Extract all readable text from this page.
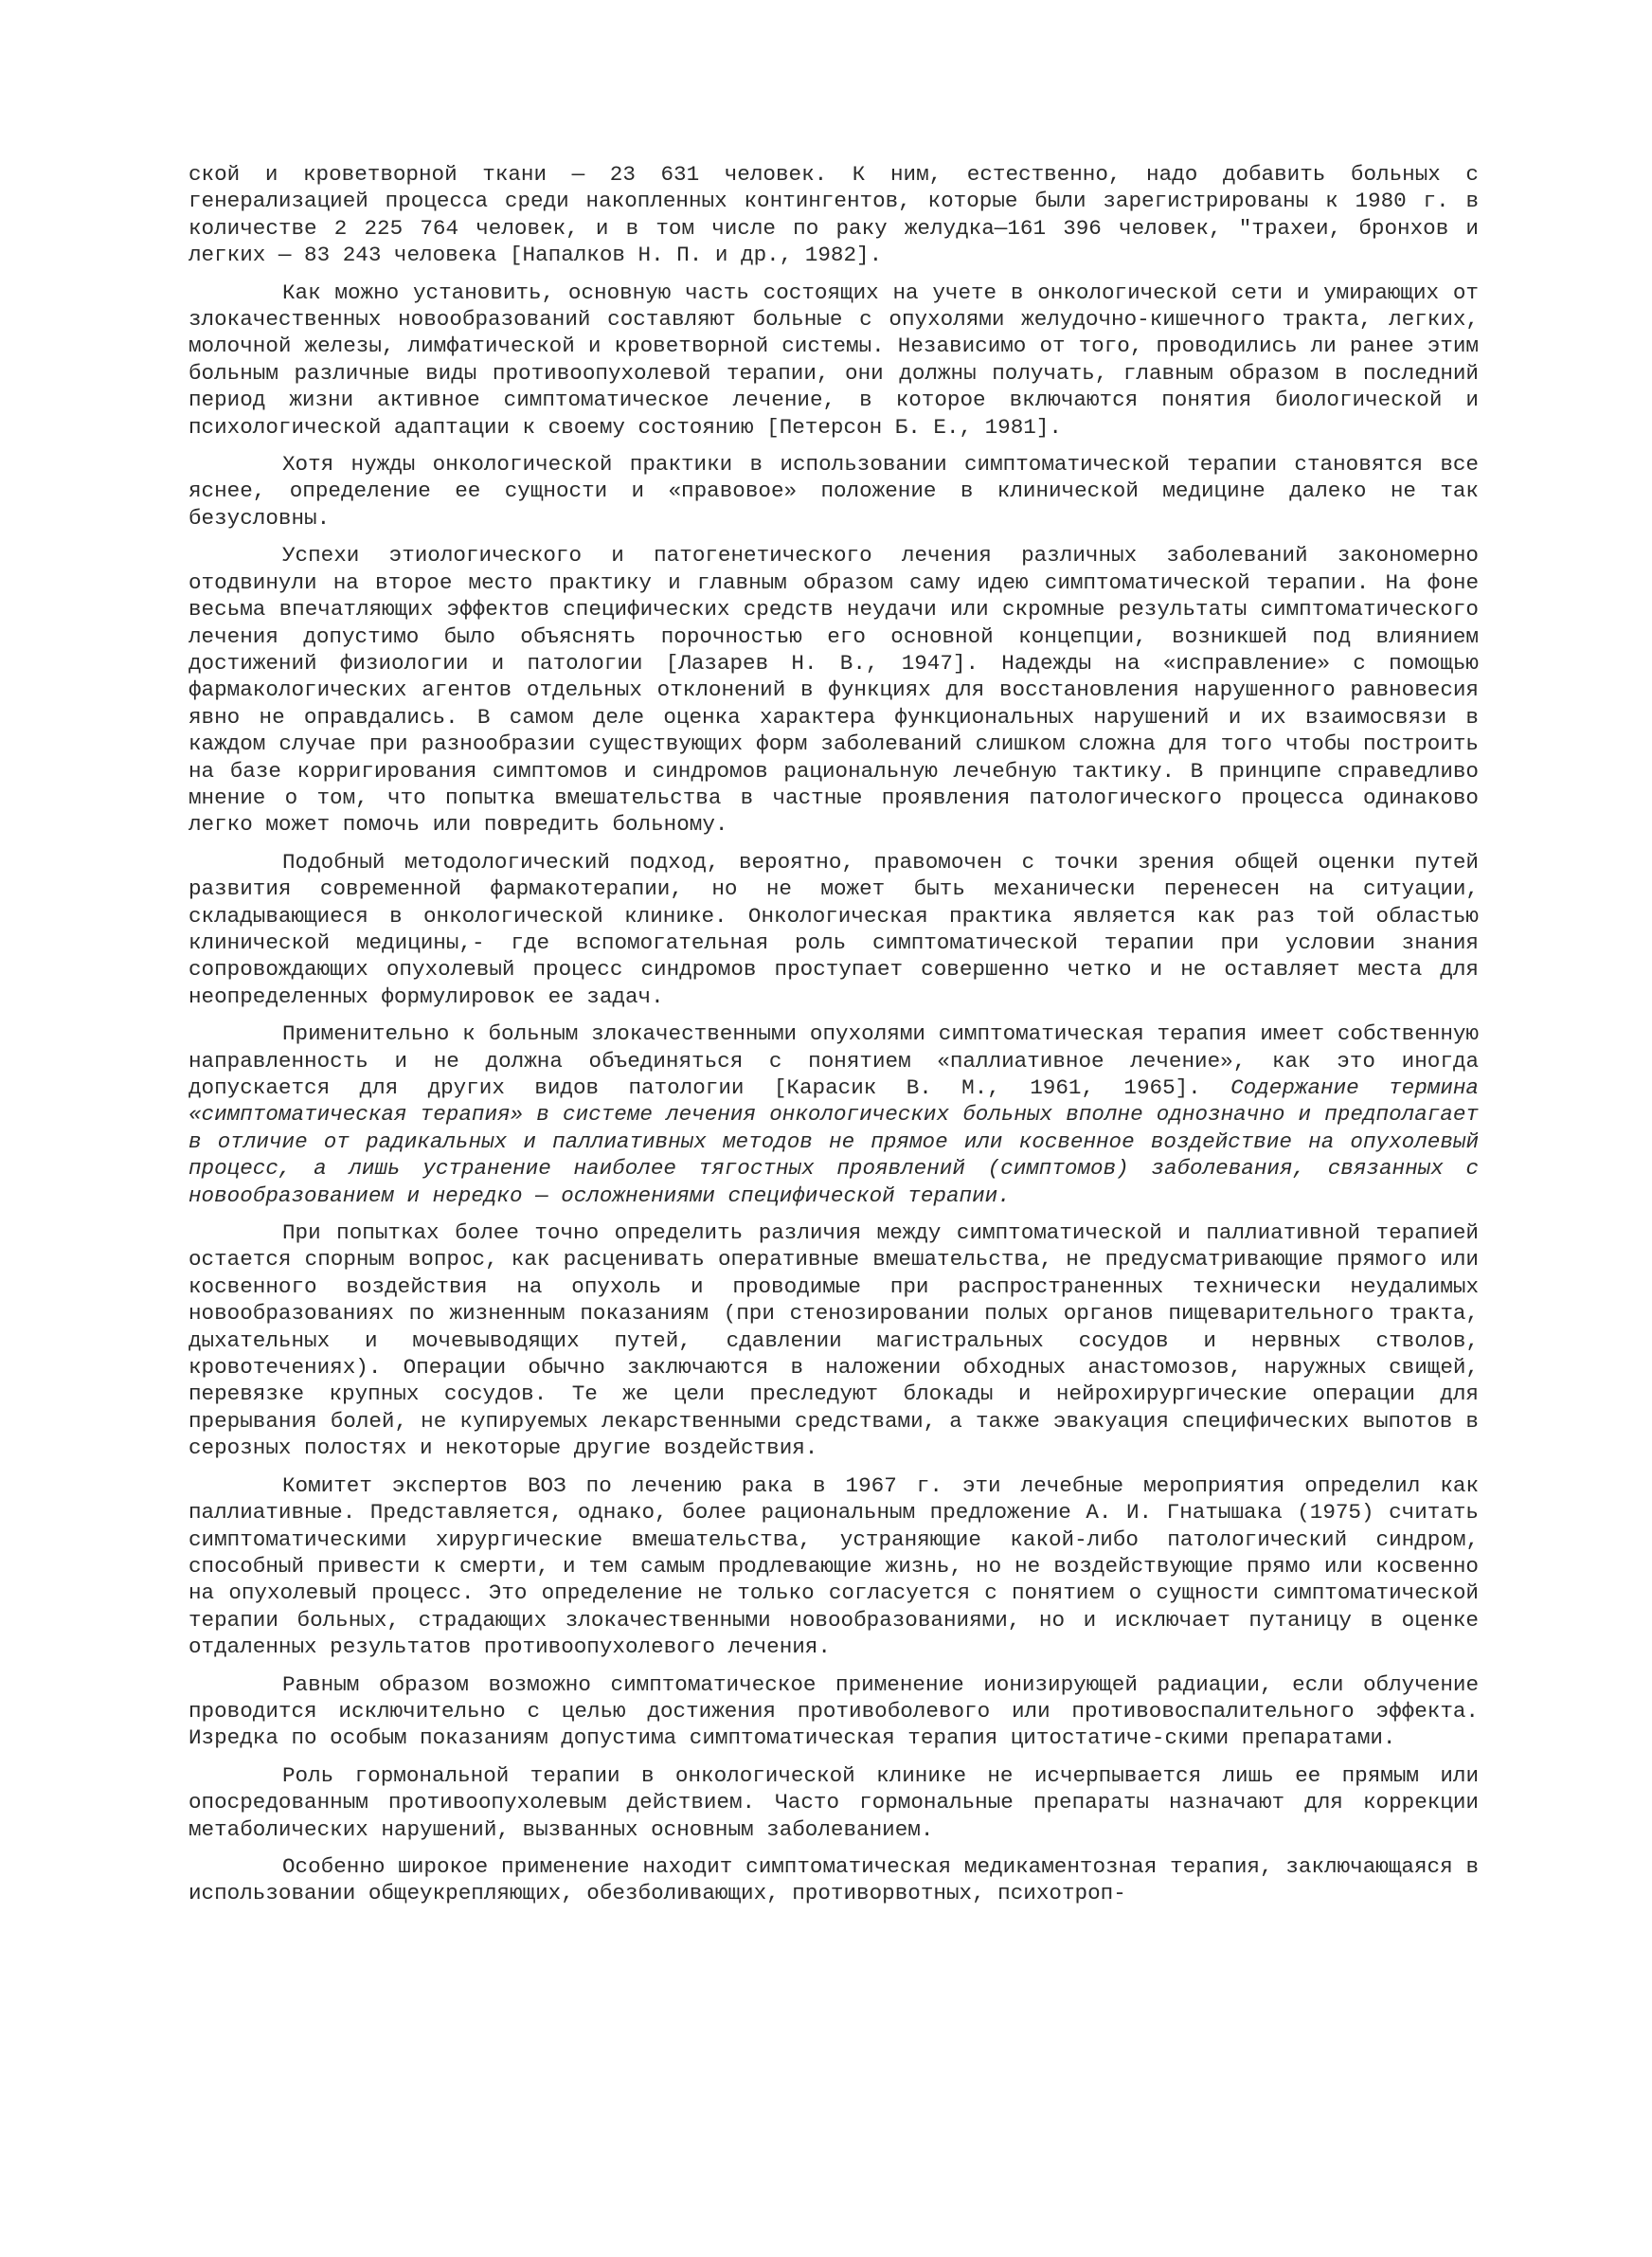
ской и кроветворной ткани — 23 631 человек. К ним, естественно, надо добавить больных с генерализацией процесса среди накопленных контингентов, которые были зарегистрированы к 1980 г. в количестве 2 225 764 человек, и в том числе по раку желудка—161 396 человек, "трахеи, бронхов и легких — 83 243 человека [Напалков Н. П. и др., 1982].

Как можно установить, основную часть состоящих на учете в онкологической сети и умирающих от злокачественных новообразований составляют больные с опухолями желудочно-кишечного тракта, легких, молочной железы, лимфатической и кроветворной системы. Независимо от того, проводились ли ранее этим больным различные виды противоопухолевой терапии, они должны получать, главным образом в последний период жизни активное симптоматическое лечение, в которое включаются понятия биологической и психологической адаптации к своему состоянию [Петерсон Б. Е., 1981].

Хотя нужды онкологической практики в использовании симптоматической терапии становятся все яснее, определение ее сущности и «правовое» положение в клинической медицине далеко не так безусловны.

Успехи этиологического и патогенетического лечения различных заболеваний закономерно отодвинули на второе место практику и главным образом саму идею симптоматической терапии. На фоне весьма впечатляющих эффектов специфических средств неудачи или скромные результаты симптоматического лечения допустимо было объяснять порочностью его основной концепции, возникшей под влиянием достижений физиологии и патологии [Лазарев Н. В., 1947]. Надежды на «исправление» с помощью фармакологических агентов отдельных отклонений в функциях для восстановления нарушенного равновесия явно не оправдались. В самом деле оценка характера функциональных нарушений и их взаимосвязи в каждом случае при разнообразии существующих форм заболеваний слишком сложна для того чтобы построить на базе корригирования симптомов и синдромов рациональную лечебную тактику. В принципе справедливо мнение о том, что попытка вмешательства в частные проявления патологического процесса одинаково легко может помочь или повредить больному.

Подобный методологический подход, вероятно, правомочен с точки зрения общей оценки путей развития современной фармакотерапии, но не может быть механически перенесен на ситуации, складывающиеся в онкологической клинике. Онкологическая практика является как раз той областью клинической медицины,- где вспомогательная роль симптоматической терапии при условии знания сопровождающих опухолевый процесс синдромов проступает совершенно четко и не оставляет места для неопределенных формулировок ее задач.

Применительно к больным злокачественными опухолями симптоматическая терапия имеет собственную направленность и не должна объединяться с понятием «паллиативное лечение», как это иногда допускается для других видов патологии [Карасик В. М., 1961, 1965]. Содержание термина «симптоматическая терапия» в системе лечения онкологических больных вполне однозначно и предполагает в отличие от радикальных и паллиативных методов не прямое или косвенное воздействие на опухолевый процесс, а лишь устранение наиболее тягостных проявлений (симптомов) заболевания, связанных с новообразованием и нередко — осложнениями специфической терапии.

При попытках более точно определить различия между симптоматической и паллиативной терапией остается спорным вопрос, как расценивать оперативные вмешательства, не предусматривающие прямого или косвенного воздействия на опухоль и проводимые при распространенных технически неудалимых новообразованиях по жизненным показаниям (при стенозировании полых органов пищеварительного тракта, дыхательных и мочевыводящих путей, сдавлении магистральных сосудов и нервных стволов, кровотечениях). Операции обычно заключаются в наложении обходных анастомозов, наружных свищей, перевязке крупных сосудов. Те же цели преследуют блокады и нейрохирургические операции для прерывания болей, не купируемых лекарственными средствами, а также эвакуация специфических выпотов в серозных полостях и некоторые другие воздействия.

Комитет экспертов ВОЗ по лечению рака в 1967 г. эти лечебные мероприятия определил как паллиативные. Представляется, однако, более рациональным предложение А. И. Гнатышака (1975) считать симптоматическими хирургические вмешательства, устраняющие какой-либо патологический синдром, способный привести к смерти, и тем самым продлевающие жизнь, но не воздействующие прямо или косвенно на опухолевый процесс. Это определение не только согласуется с понятием о сущности симптоматической терапии больных, страдающих злокачественными новообразованиями, но и исключает путаницу в оценке отдаленных результатов противоопухолевого лечения.

Равным образом возможно симптоматическое применение ионизирующей радиации, если облучение проводится исключительно с целью достижения противоболевого или противовоспалительного эффекта. Изредка по особым показаниям допустима симптоматическая терапия цитостатиче-скими препаратами.

Роль гормональной терапии в онкологической клинике не исчерпывается лишь ее прямым или опосредованным противоопухолевым действием. Часто гормональные препараты назначают для коррекции метаболических нарушений, вызванных основным заболеванием.

Особенно широкое применение находит симптоматическая медикаментозная терапия, заключающаяся в использовании общеукрепляющих, обезболивающих, противорвотных, психотроп-
